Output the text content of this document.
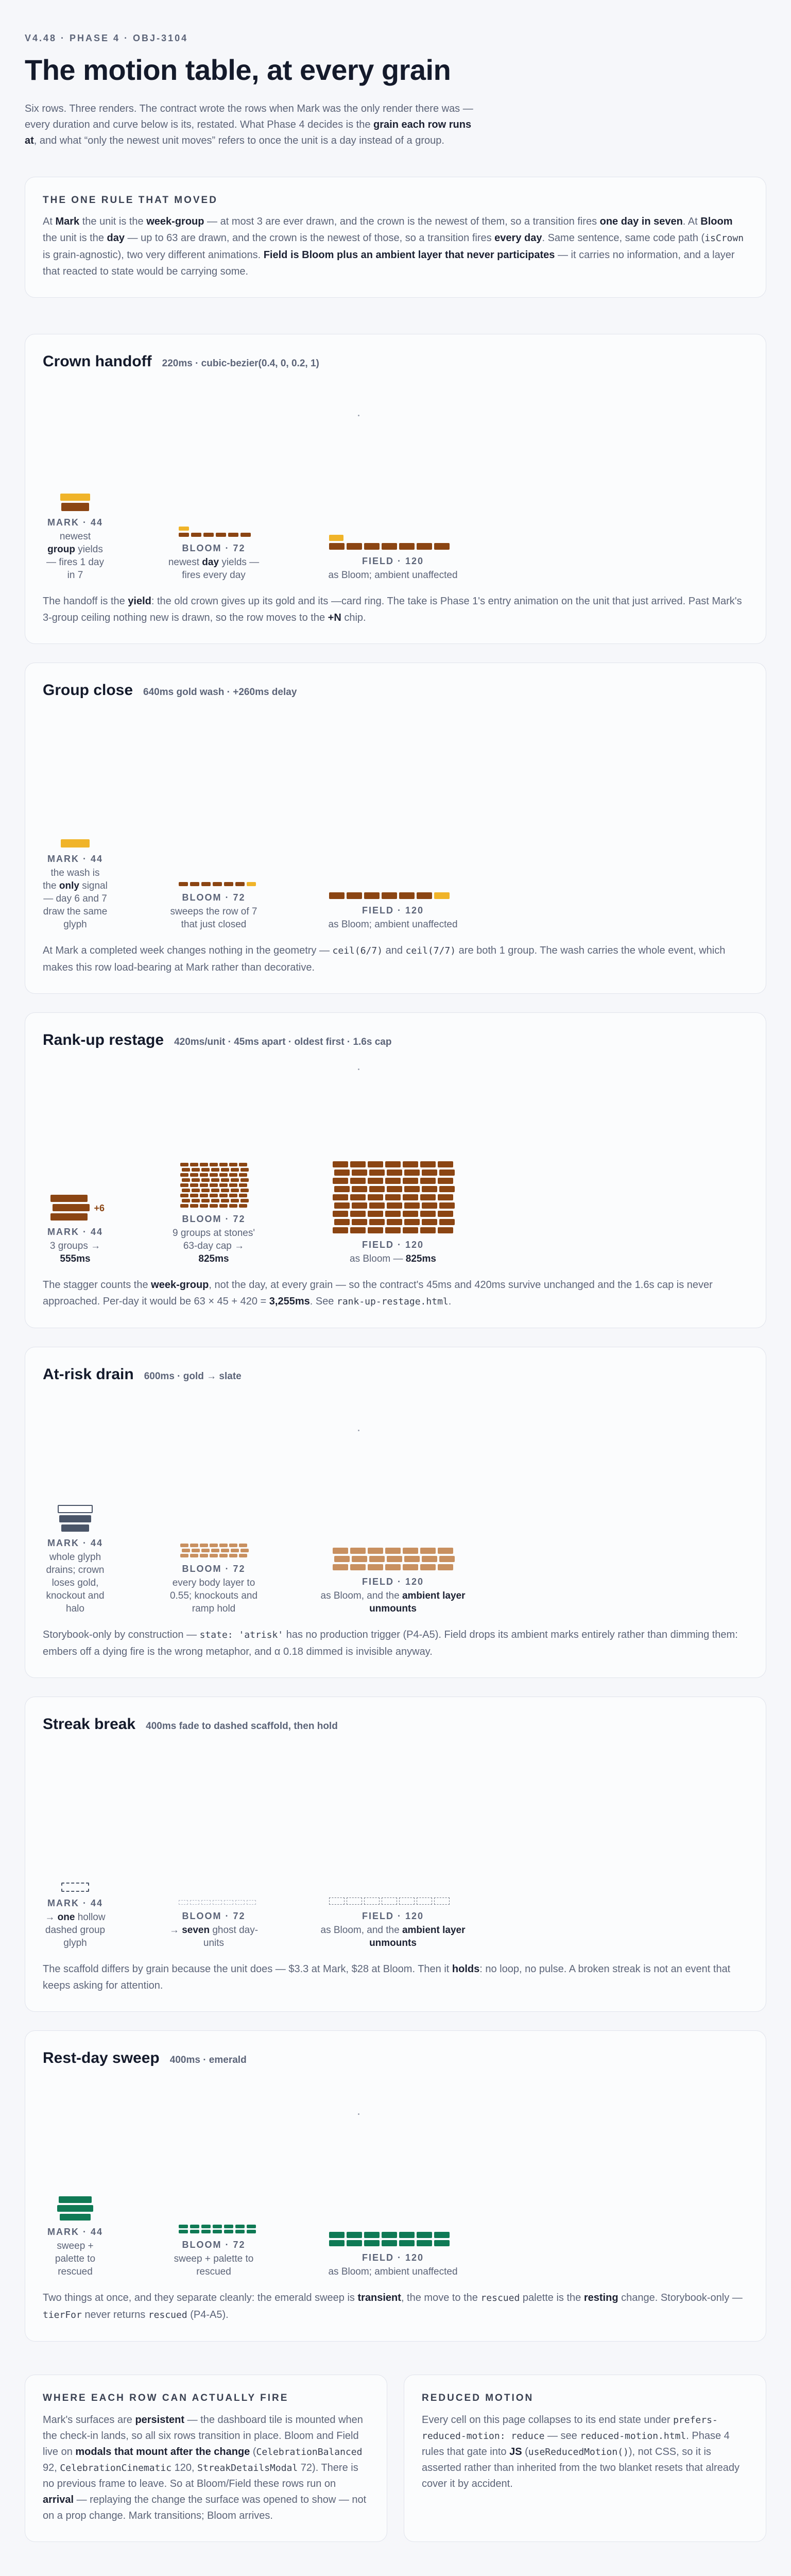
V4.48 · PHASE 4 · OBJ-3104
The motion table, at every grain

Six rows. Three renders. The contract wrote the rows when Mark was the only render there was — every duration and curve below is its, restated. What Phase 4 decides is the grain each row runs at, and what “only the newest unit moves” refers to once the unit is a day instead of a group.

THE ONE RULE THAT MOVED

At Mark the unit is the week-group — at most 3 are ever drawn, and the crown is the newest of them, so a transition fires one day in seven. At Bloom the unit is the day — up to 63 are drawn, and the crown is the newest of those, so a transition fires every day. Same sentence, same code path (isCrown is grain-agnostic), two very different animations. Field is Bloom plus an ambient layer that never participates — it carries no information, and a layer that reacted to state would be carrying some.

Crown handoff 220ms · cubic-bezier(0.4, 0, 0.2, 1)
MARK · 44
newest
group yields — fires 1 day in 7
BLOOM · 72
newest day yields — fires every day
FIELD · 120
as Bloom; ambient unaffected

The handoff is the yield: the old crown gives up its gold and its —card ring. The take is Phase 1's entry animation on the unit that just arrived. Past Mark's 3-group ceiling nothing new is drawn, so the row moves to the +N chip.

Group close 640ms gold wash · +260ms delay
MARK · 44
the wash is the only signal — day 6 and 7 draw the same glyph
BLOOM · 72
sweeps the row of 7 that just closed
FIELD · 120
as Bloom; ambient unaffected

At Mark a completed week changes nothing in the geometry — ceil(6/7) and ceil(7/7) are both 1 group. The wash carries the whole event, which makes this row load-bearing at Mark rather than decorative.

Rank-up restage 420ms/unit · 45ms apart · oldest first · 1.6s cap
+6
MARK · 44
3 groups →
555ms
BLOOM · 72
9 groups at stones' 63-day cap → 825ms
FIELD · 120
as Bloom — 825ms

The stagger counts the week-group, not the day, at every grain — so the contract's 45ms and 420ms survive unchanged and the 1.6s cap is never approached. Per-day it would be 63 × 45 + 420 = 3,255ms. See rank-up-restage.html.

At-risk drain 600ms · gold → slate
MARK · 44
whole glyph drains; crown loses gold, knockout and halo
BLOOM · 72
every body layer to 0.55; knockouts and ramp hold
FIELD · 120
as Bloom, and the ambient layer unmounts

Storybook-only by construction — state: 'atrisk' has no production trigger (P4-A5). Field drops its ambient marks entirely rather than dimming them: embers off a dying fire is the wrong metaphor, and α 0.18 dimmed is invisible anyway.

Streak break 400ms fade to dashed scaffold, then hold
MARK · 44
→ one hollow dashed group glyph
BLOOM · 72
→ seven ghost day-units
FIELD · 120
as Bloom, and the ambient layer unmounts

The scaffold differs by grain because the unit does — $3.3 at Mark, $28 at Bloom. Then it holds: no loop, no pulse. A broken streak is not an event that keeps asking for attention.

Rest-day sweep 400ms · emerald
MARK · 44
sweep + palette to rescued
BLOOM · 72
sweep + palette to rescued
FIELD · 120
as Bloom; ambient unaffected

Two things at once, and they separate cleanly: the emerald sweep is transient, the move to the rescued palette is the resting change. Storybook-only — tierFor never returns rescued (P4-A5).

WHERE EACH ROW CAN ACTUALLY FIRE

Mark's surfaces are persistent — the dashboard tile is mounted when the check-in lands, so all six rows transition in place. Bloom and Field live on modals that mount after the change (CelebrationBalanced 92, CelebrationCinematic 120, StreakDetailsModal 72). There is no previous frame to leave. So at Bloom/Field these rows run on arrival — replaying the change the surface was opened to show — not on a prop change. Mark transitions; Bloom arrives.

REDUCED MOTION

Every cell on this page collapses to its end state under prefers-reduced-motion: reduce — see reduced-motion.html. Phase 4 rules that gate into JS (useReducedMotion()), not CSS, so it is asserted rather than inherited from the two blanket resets that already cover it by accident.
